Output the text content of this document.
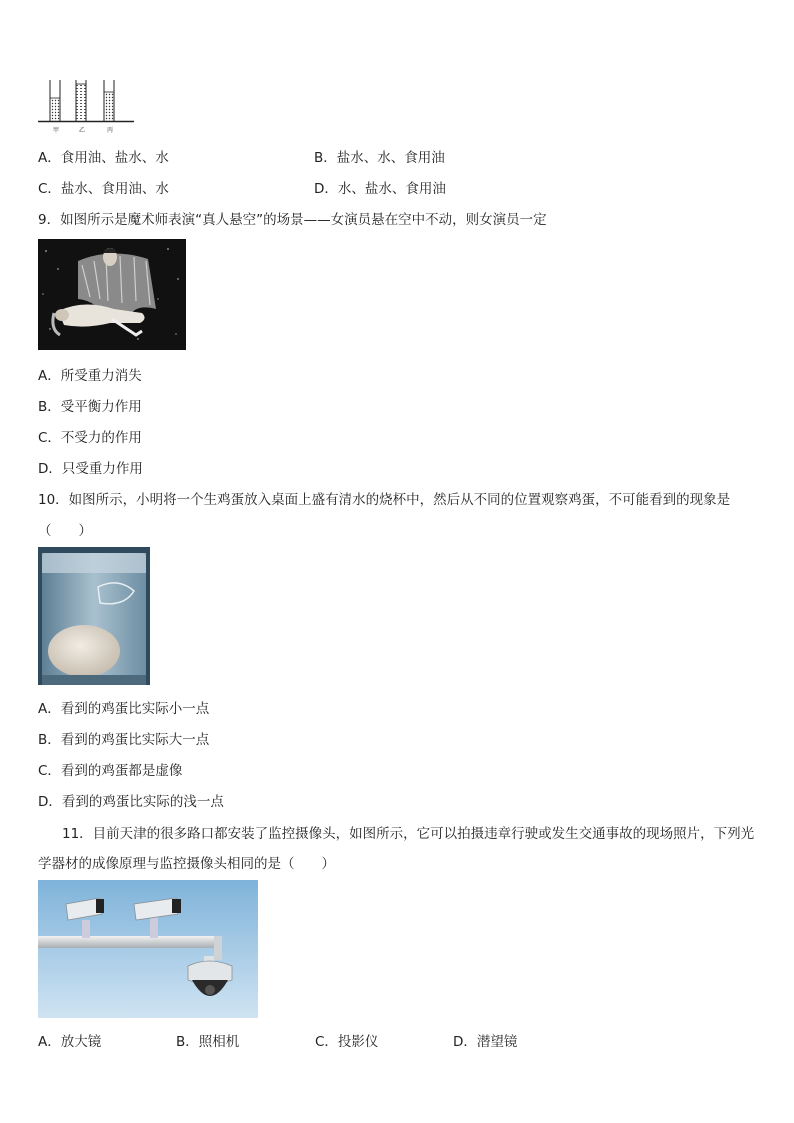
甲	乙	丙
A．食用油、盐水、水	B．盐水、水、食用油
C．盐水、食用油、水	D．水、盐水、食用油
9．如图所示是魔术师表演“真人悬空”的场景——女演员悬在空中不动，则女演员一定
A．所受重力消失
B．受平衡力作用
C．不受力的作用
D．只受重力作用
10．如图所示，小明将一个生鸡蛋放入桌面上盛有清水的烧杯中，然后从不同的位置观察鸡蛋，不可能看到的现象是
（　　）
A．看到的鸡蛋比实际小一点
B．看到的鸡蛋比实际大一点
C．看到的鸡蛋都是虚像
D．看到的鸡蛋比实际的浅一点
11．目前天津的很多路口都安装了监控摄像头，如图所示，它可以拍摄违章行驶或发生交通事故的现场照片，下列光
学器材的成像原理与监控摄像头相同的是（　　）
A．放大镜	B．照相机	C．投影仪	D．潜望镜
